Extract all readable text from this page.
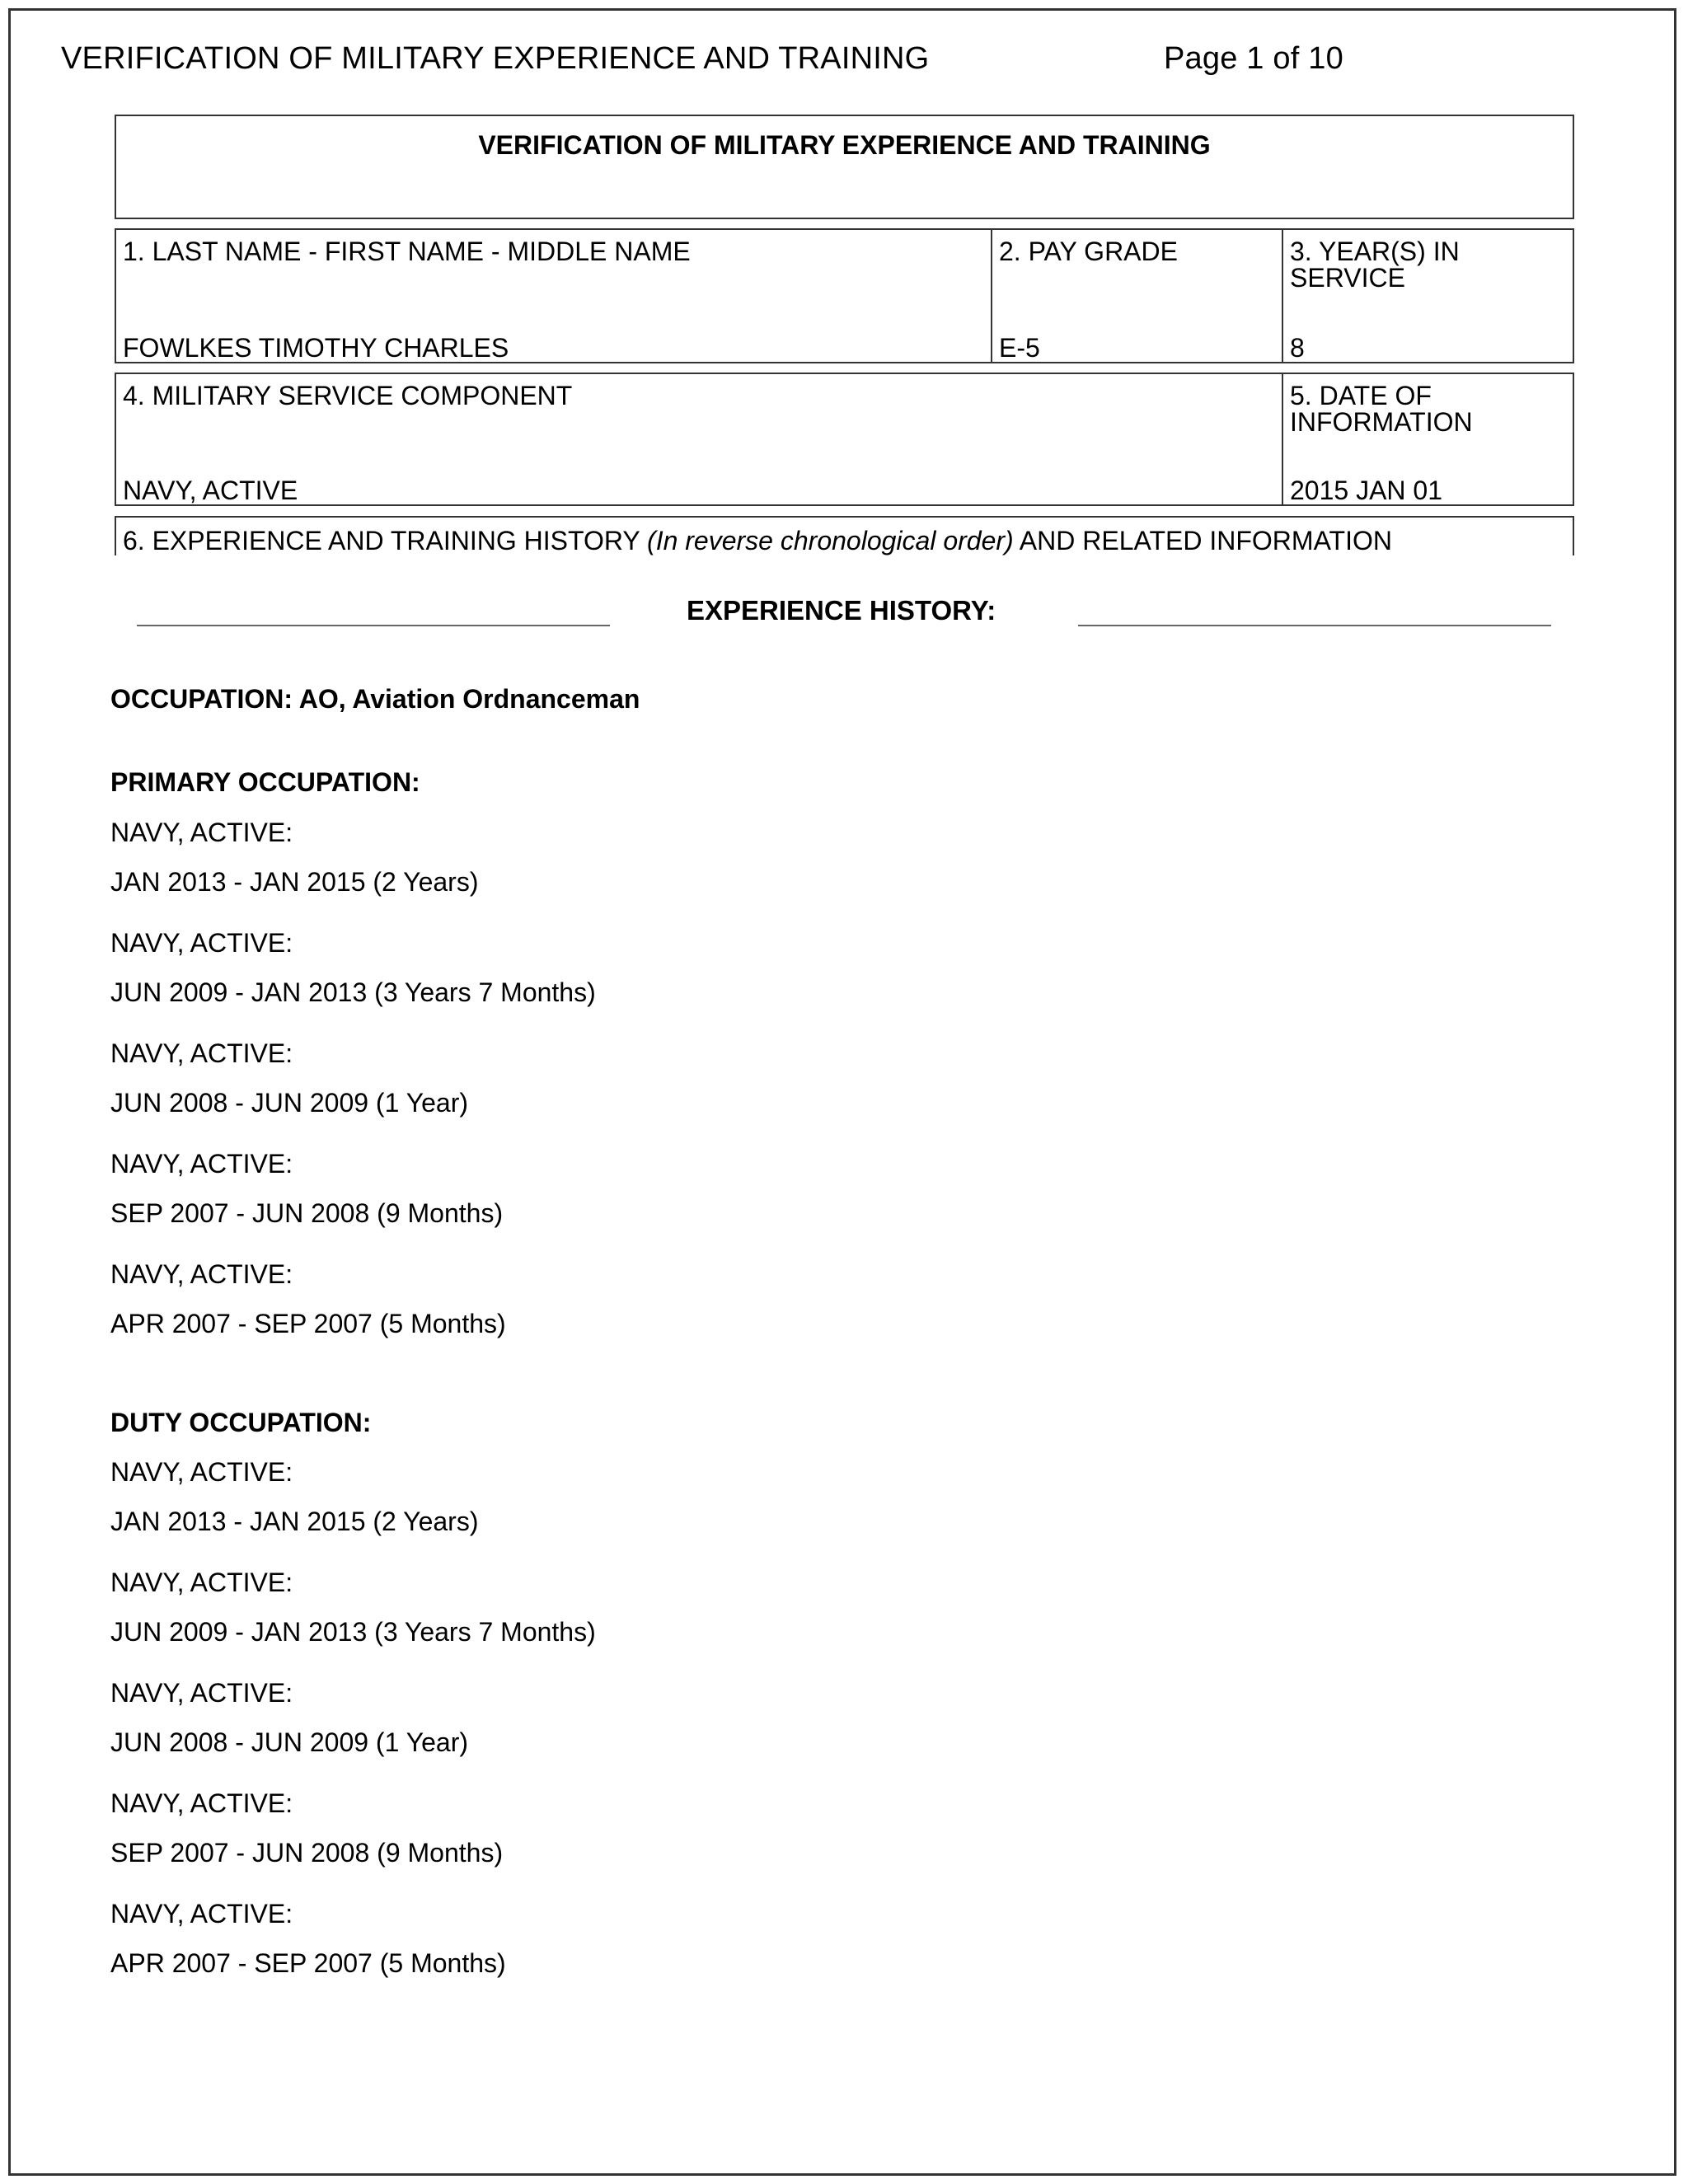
VERIFICATION OF MILITARY EXPERIENCE AND TRAINING	Page 1 of 10
VERIFICATION OF MILITARY EXPERIENCE AND TRAINING
1. LAST NAME - FIRST NAME - MIDDLE NAME
FOWLKES TIMOTHY CHARLES
2. PAY GRADE
E-5
3. YEAR(S) IN SERVICE
8
4. MILITARY SERVICE COMPONENT
NAVY, ACTIVE
5. DATE OF INFORMATION
2015 JAN 01
6. EXPERIENCE AND TRAINING HISTORY (In reverse chronological order) AND RELATED INFORMATION
EXPERIENCE HISTORY:
OCCUPATION: AO, Aviation Ordnanceman
PRIMARY OCCUPATION:
NAVY, ACTIVE:
JAN 2013 - JAN 2015 (2 Years)
NAVY, ACTIVE:
JUN 2009 - JAN 2013 (3 Years 7 Months)
NAVY, ACTIVE:
JUN 2008 - JUN 2009 (1 Year)
NAVY, ACTIVE:
SEP 2007 - JUN 2008 (9 Months)
NAVY, ACTIVE:
APR 2007 - SEP 2007 (5 Months)
DUTY OCCUPATION:
NAVY, ACTIVE:
JAN 2013 - JAN 2015 (2 Years)
NAVY, ACTIVE:
JUN 2009 - JAN 2013 (3 Years 7 Months)
NAVY, ACTIVE:
JUN 2008 - JUN 2009 (1 Year)
NAVY, ACTIVE:
SEP 2007 - JUN 2008 (9 Months)
NAVY, ACTIVE:
APR 2007 - SEP 2007 (5 Months)
